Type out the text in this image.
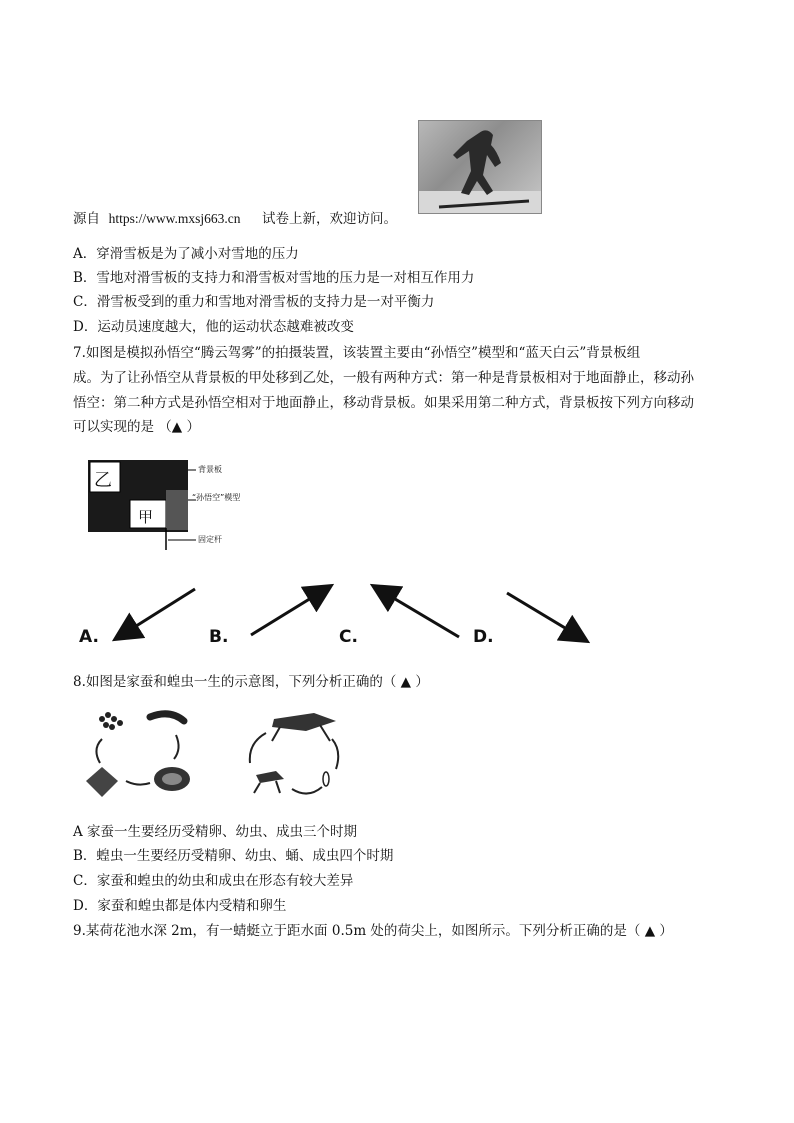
源自 https://www.mxsj663.cn 试卷上新，欢迎访问。
A．穿滑雪板是为了减小对雪地的压力
B．雪地对滑雪板的支持力和滑雪板对雪地的压力是一对相互作用力
C．滑雪板受到的重力和雪地对滑雪板的支持力是一对平衡力
D．运动员速度越大，他的运动状态越难被改变
7.如图是模拟孙悟空“腾云驾雾”的拍摄装置，该装置主要由“孙悟空”模型和“蓝天白云”背景板组
成。为了让孙悟空从背景板的甲处移到乙处，一般有两种方式：第一种是背景板相对于地面静止，移动孙
悟空：第二种方式是孙悟空相对于地面静止，移动背景板。如果采用第二种方式，背景板按下列方向移动
可以实现的是 （▲ ）
乙
甲
背景板
“孙悟空”模型
固定杆
A.	B.	C.	D.
8.如图是家蚕和蝗虫一生的示意图，下列分析正确的（ ▲ ）
A 家蚕一生要经历受精卵、幼虫、成虫三个时期
B．蝗虫一生要经历受精卵、幼虫、蛹、成虫四个时期
C．家蚕和蝗虫的幼虫和成虫在形态有较大差异
D．家蚕和蝗虫都是体内受精和卵生
9.某荷花池水深 2m，有一蜻蜓立于距水面 0.5m 处的荷尖上，如图所示。下列分析正确的是（ ▲ ）
